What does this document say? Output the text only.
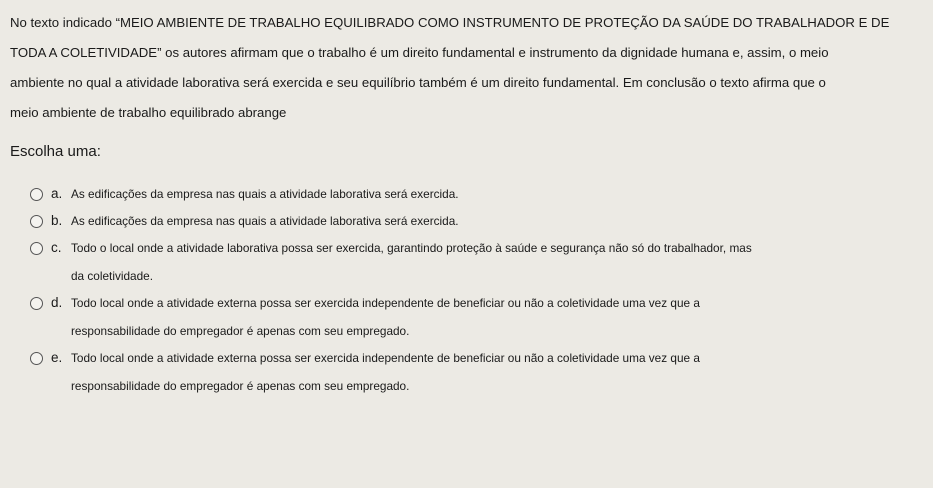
No texto indicado “MEIO AMBIENTE DE TRABALHO EQUILIBRADO COMO INSTRUMENTO DE PROTEÇÃO DA SAÚDE DO TRABALHADOR E DE
TODA A COLETIVIDADE” os autores afirmam que o trabalho é um direito fundamental e instrumento da dignidade humana e, assim, o meio
ambiente no qual a atividade laborativa será exercida e seu equilíbrio também é um direito fundamental. Em conclusão o texto afirma que o
meio ambiente de trabalho equilibrado abrange
Escolha uma:
a. As edificações da empresa nas quais a atividade laborativa será exercida.
b. As edificações da empresa nas quais a atividade laborativa será exercida.
c. Todo o local onde a atividade laborativa possa ser exercida, garantindo proteção à saúde e segurança não só do trabalhador, mas
da coletividade.
d. Todo local onde a atividade externa possa ser exercida independente de beneficiar ou não a coletividade uma vez que a
responsabilidade do empregador é apenas com seu empregado.
e. Todo local onde a atividade externa possa ser exercida independente de beneficiar ou não a coletividade uma vez que a
responsabilidade do empregador é apenas com seu empregado.
